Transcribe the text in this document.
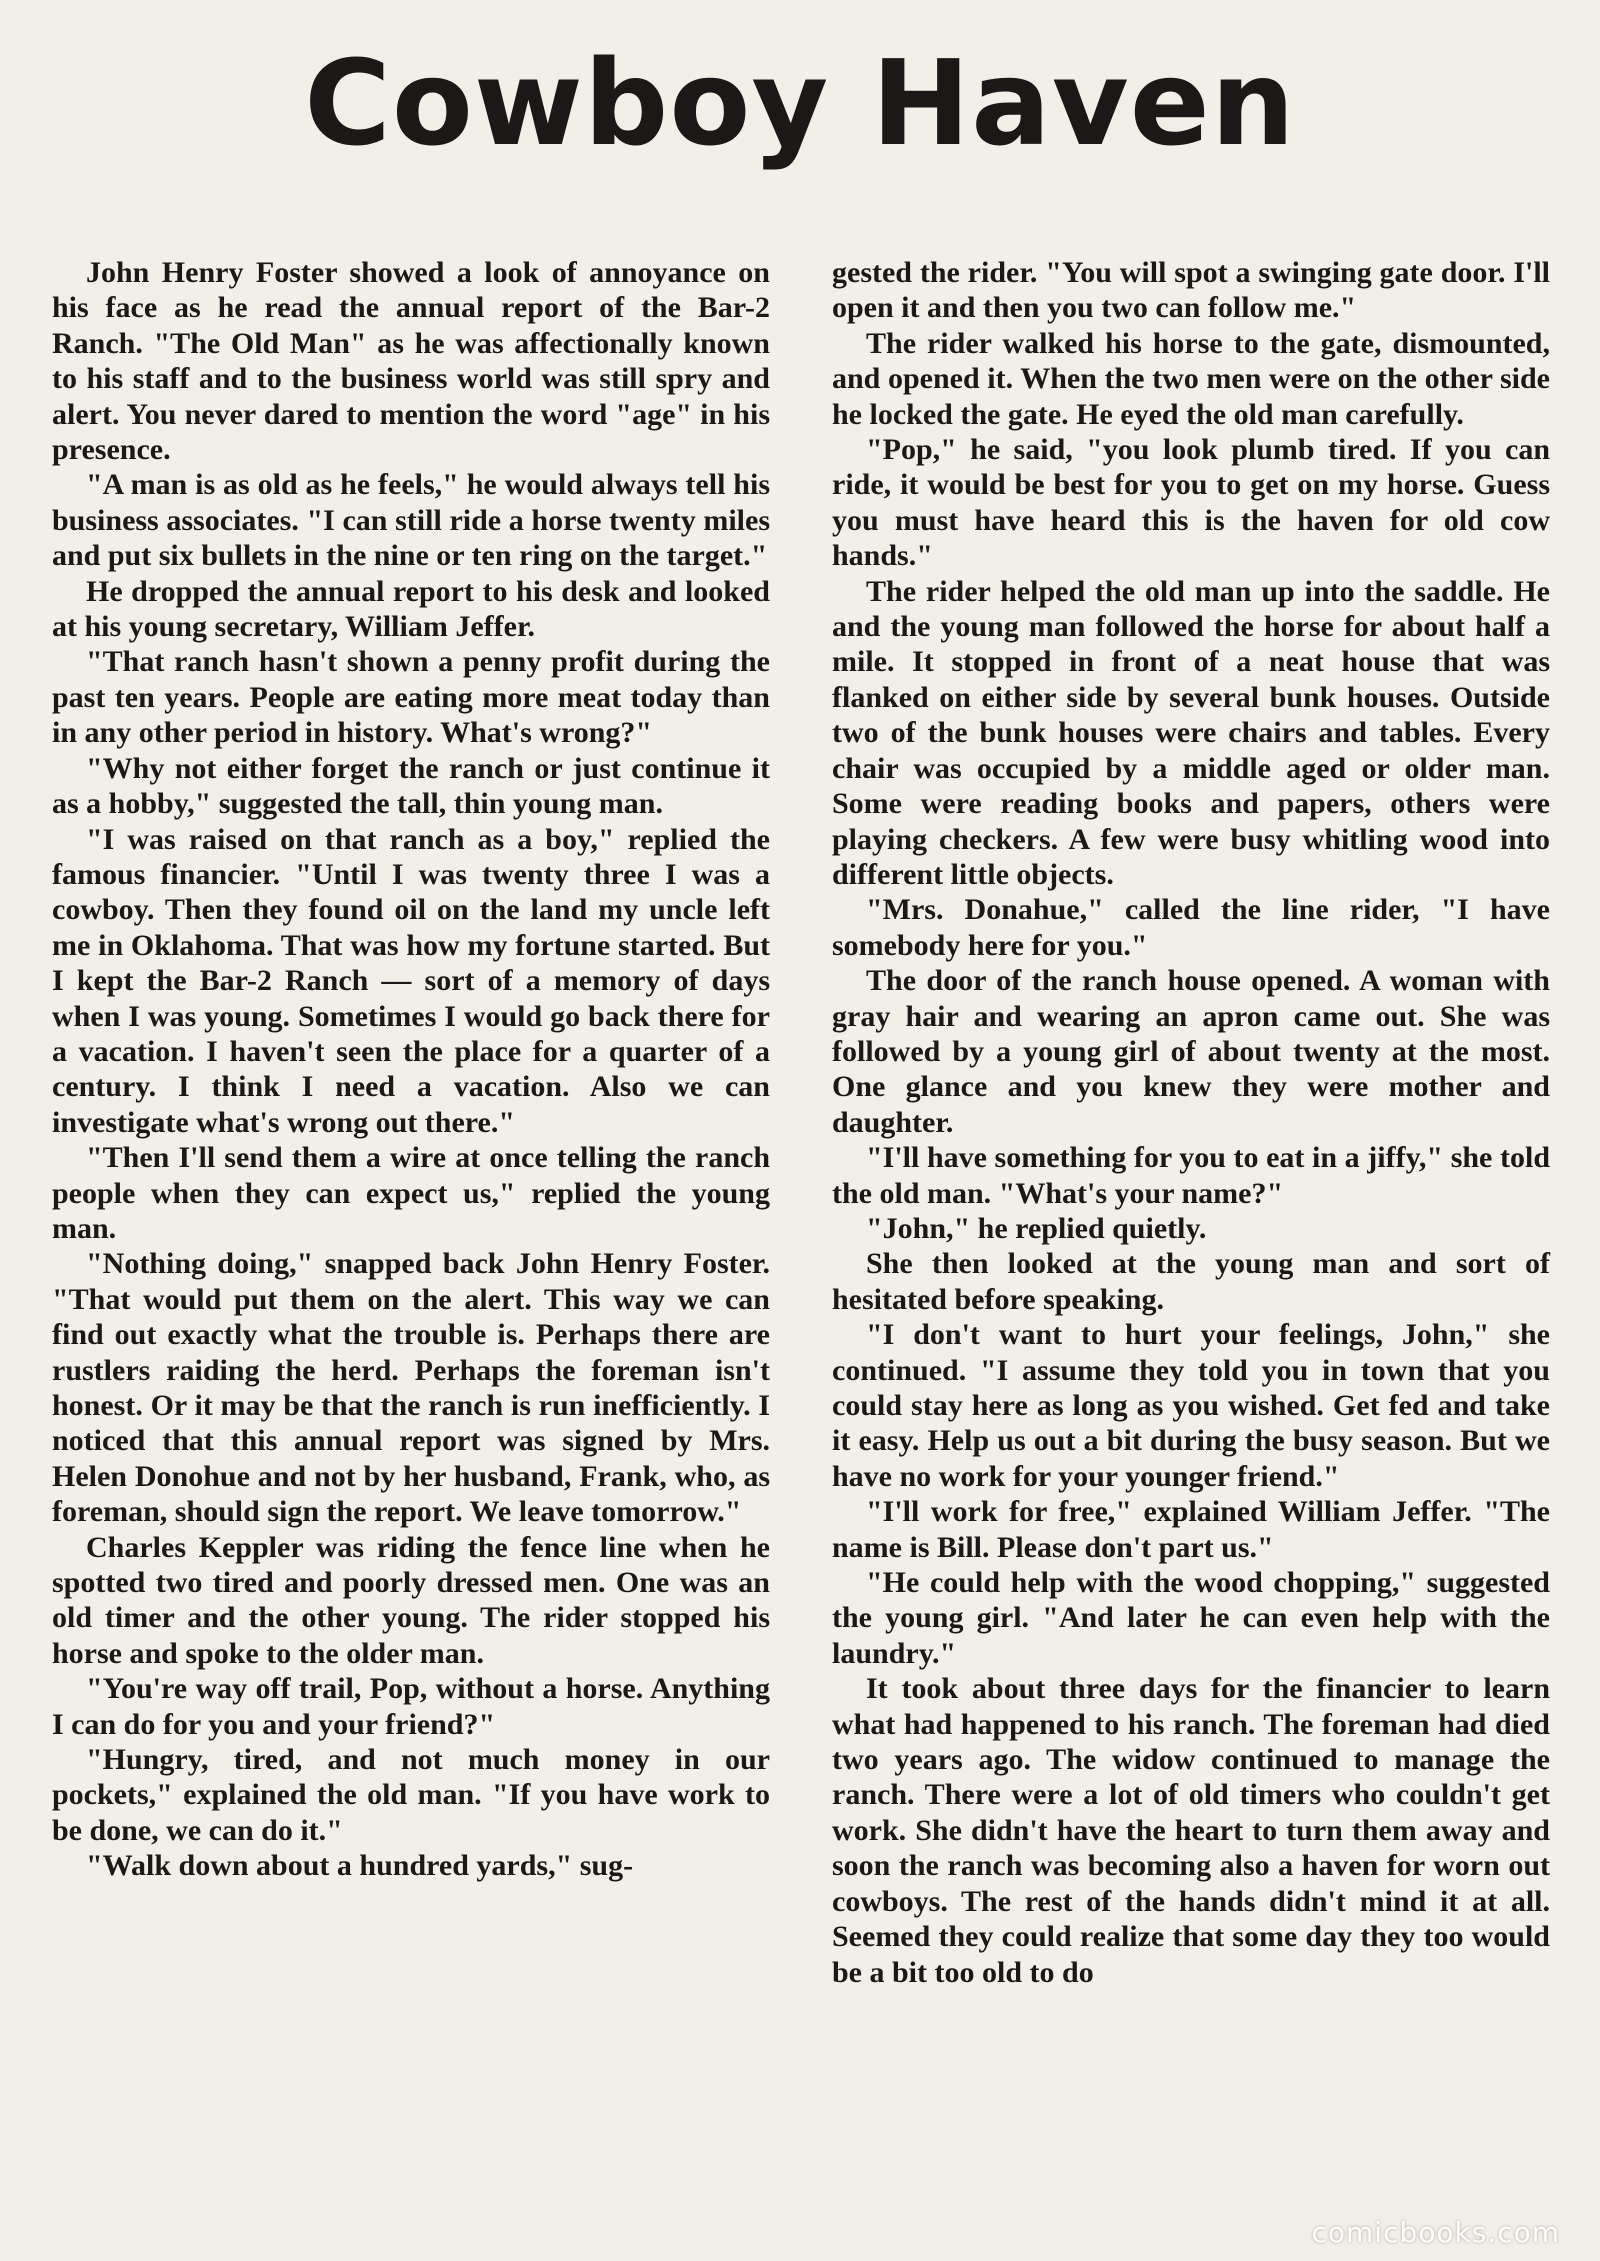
Cowboy Haven

John Henry Foster showed a look of annoyance on his face as he read the annual report of the Bar-2 Ranch. "The Old Man" as he was affectionally known to his staff and to the business world was still spry and alert. You never dared to mention the word "age" in his presence.

"A man is as old as he feels," he would always tell his business associates. "I can still ride a horse twenty miles and put six bullets in the nine or ten ring on the target."

He dropped the annual report to his desk and looked at his young secretary, William Jeffer.

"That ranch hasn't shown a penny profit during the past ten years. People are eating more meat today than in any other period in history. What's wrong?"

"Why not either forget the ranch or just continue it as a hobby," suggested the tall, thin young man.

"I was raised on that ranch as a boy," replied the famous financier. "Until I was twenty three I was a cowboy. Then they found oil on the land my uncle left me in Oklahoma. That was how my fortune started. But I kept the Bar-2 Ranch — sort of a memory of days when I was young. Sometimes I would go back there for a vacation. I haven't seen the place for a quarter of a century. I think I need a vacation. Also we can investigate what's wrong out there."

"Then I'll send them a wire at once telling the ranch people when they can expect us," replied the young man.

"Nothing doing," snapped back John Henry Foster. "That would put them on the alert. This way we can find out exactly what the trouble is. Perhaps there are rustlers raiding the herd. Perhaps the foreman isn't honest. Or it may be that the ranch is run inefficiently. I noticed that this annual report was signed by Mrs. Helen Donohue and not by her husband, Frank, who, as foreman, should sign the report. We leave tomorrow."

Charles Keppler was riding the fence line when he spotted two tired and poorly dressed men. One was an old timer and the other young. The rider stopped his horse and spoke to the older man.

"You're way off trail, Pop, without a horse. Anything I can do for you and your friend?"

"Hungry, tired, and not much money in our pockets," explained the old man. "If you have work to be done, we can do it."

"Walk down about a hundred yards," sug-

gested the rider. "You will spot a swinging gate door. I'll open it and then you two can follow me."

The rider walked his horse to the gate, dismounted, and opened it. When the two men were on the other side he locked the gate. He eyed the old man carefully.

"Pop," he said, "you look plumb tired. If you can ride, it would be best for you to get on my horse. Guess you must have heard this is the haven for old cow hands."

The rider helped the old man up into the saddle. He and the young man followed the horse for about half a mile. It stopped in front of a neat house that was flanked on either side by several bunk houses. Outside two of the bunk houses were chairs and tables. Every chair was occupied by a middle aged or older man. Some were reading books and papers, others were playing checkers. A few were busy whitling wood into different little objects.

"Mrs. Donahue," called the line rider, "I have somebody here for you."

The door of the ranch house opened. A woman with gray hair and wearing an apron came out. She was followed by a young girl of about twenty at the most. One glance and you knew they were mother and daughter.

"I'll have something for you to eat in a jiffy," she told the old man. "What's your name?"

"John," he replied quietly.

She then looked at the young man and sort of hesitated before speaking.

"I don't want to hurt your feelings, John," she continued. "I assume they told you in town that you could stay here as long as you wished. Get fed and take it easy. Help us out a bit during the busy season. But we have no work for your younger friend."

"I'll work for free," explained William Jeffer. "The name is Bill. Please don't part us."

"He could help with the wood chopping," suggested the young girl. "And later he can even help with the laundry."

It took about three days for the financier to learn what had happened to his ranch. The foreman had died two years ago. The widow continued to manage the ranch. There were a lot of old timers who couldn't get work. She didn't have the heart to turn them away and soon the ranch was becoming also a haven for worn out cowboys. The rest of the hands didn't mind it at all. Seemed they could realize that some day they too would be a bit too old to do

comicbooks.com
